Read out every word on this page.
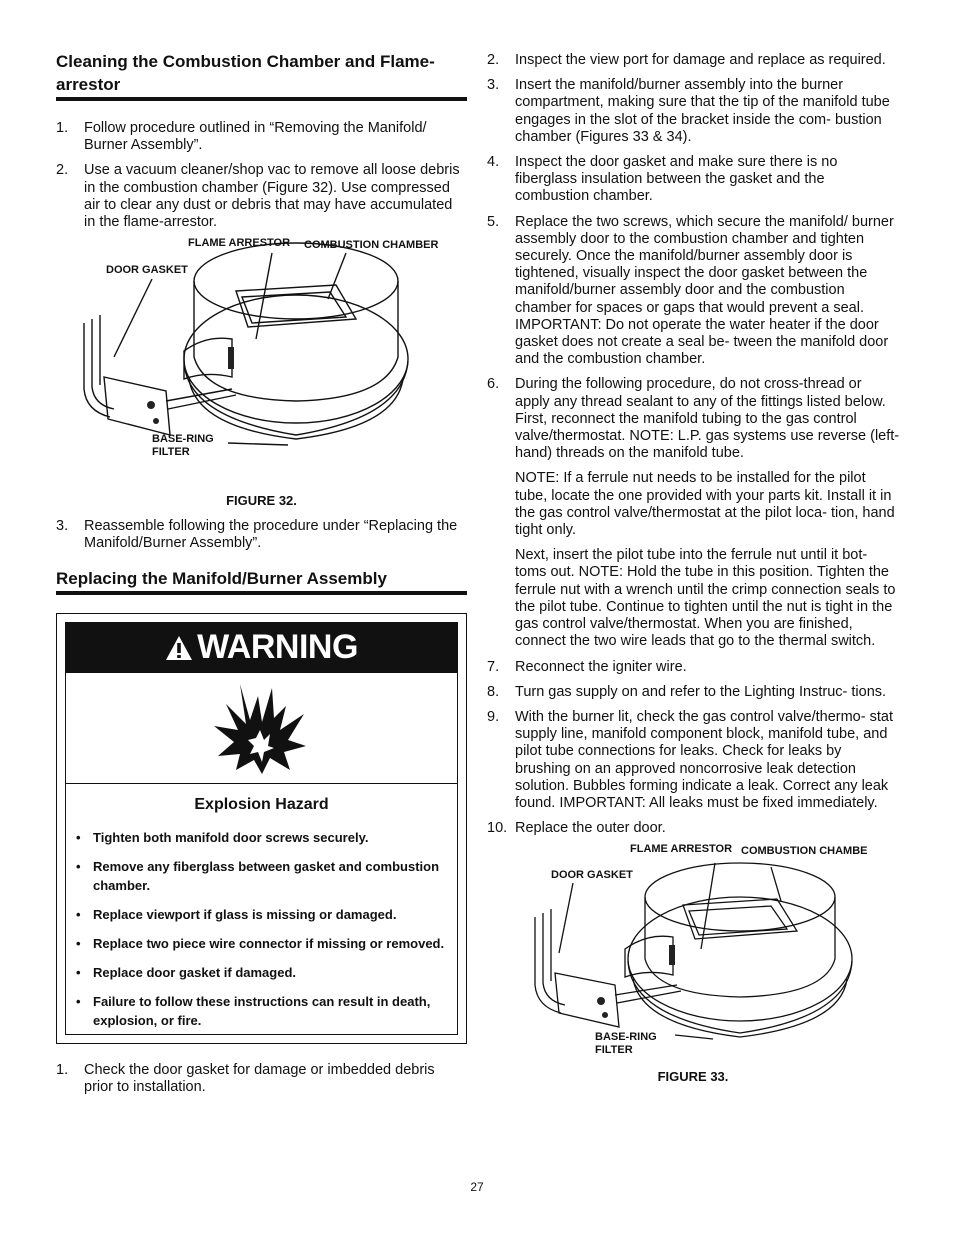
Cleaning the Combustion Chamber and Flame-arrestor
1. Follow procedure outlined in “Removing the Manifold/ Burner Assembly”.

2. Use a vacuum cleaner/shop vac to remove all loose debris in the combustion chamber (Figure 32). Use compressed air to clear any dust or debris that may have accumulated in the flame-arrestor.

FLAME ARRESTOR COMBUSTION CHAMBER
DOOR GASKET
BASE-RING
FILTER
FIGURE 32.
3. Reassemble following the procedure under “Replacing the Manifold/Burner Assembly”.

Replacing the Manifold/Burner Assembly
WARNING
Explosion Hazard
• Tighten both manifold door screws securely.
• Remove any fiberglass between gasket and combustion chamber.
• Replace viewport if glass is missing or damaged.
• Replace two piece wire connector if missing or removed.
• Replace door gasket if damaged.
• Failure to follow these instructions can result in death, explosion, or fire.
1. Check the door gasket for damage or imbedded debris prior to installation.

2. Inspect the view port for damage and replace as required.

3. Insert the manifold/burner assembly into the burner compartment, making sure that the tip of the manifold tube engages in the slot of the bracket inside the com- bustion chamber (Figures 33 & 34).

4. Inspect the door gasket and make sure there is no fiberglass insulation between the gasket and the combustion chamber.

5. Replace the two screws, which secure the manifold/ burner assembly door to the combustion chamber and tighten securely. Once the manifold/burner assembly door is tightened, visually inspect the door gasket between the manifold/burner assembly door and the combustion chamber for spaces or gaps that would prevent a seal. IMPORTANT: Do not operate the water heater if the door gasket does not create a seal be- tween the manifold door and the combustion chamber.

6. During the following procedure, do not cross-thread or apply any thread sealant to any of the fittings listed below. First, reconnect the manifold tubing to the gas control valve/thermostat. NOTE: L.P. gas systems use reverse (left-hand) threads on the manifold tube.

NOTE: If a ferrule nut needs to be installed for the pilot tube, locate the one provided with your parts kit. Install it in the gas control valve/thermostat at the pilot loca- tion, hand tight only.

Next, insert the pilot tube into the ferrule nut until it bot- toms out. NOTE: Hold the tube in this position. Tighten the ferrule nut with a wrench until the crimp connection seals to the pilot tube. Continue to tighten until the nut is tight in the gas control valve/thermostat. When you are finished, connect the two wire leads that go to the thermal switch.

7. Reconnect the igniter wire.

8. Turn gas supply on and refer to the Lighting Instruc- tions.

9. With the burner lit, check the gas control valve/thermo- stat supply line, manifold component block, manifold tube, and pilot tube connections for leaks. Check for leaks by brushing on an approved noncorrosive leak detection solution. Bubbles forming indicate a leak. Correct any leak found. IMPORTANT: All leaks must be fixed immediately.

10. Replace the outer door.

FLAME ARRESTOR COMBUSTION CHAMBE
DOOR GASKET
BASE-RING
FILTER
FIGURE 33.
27
